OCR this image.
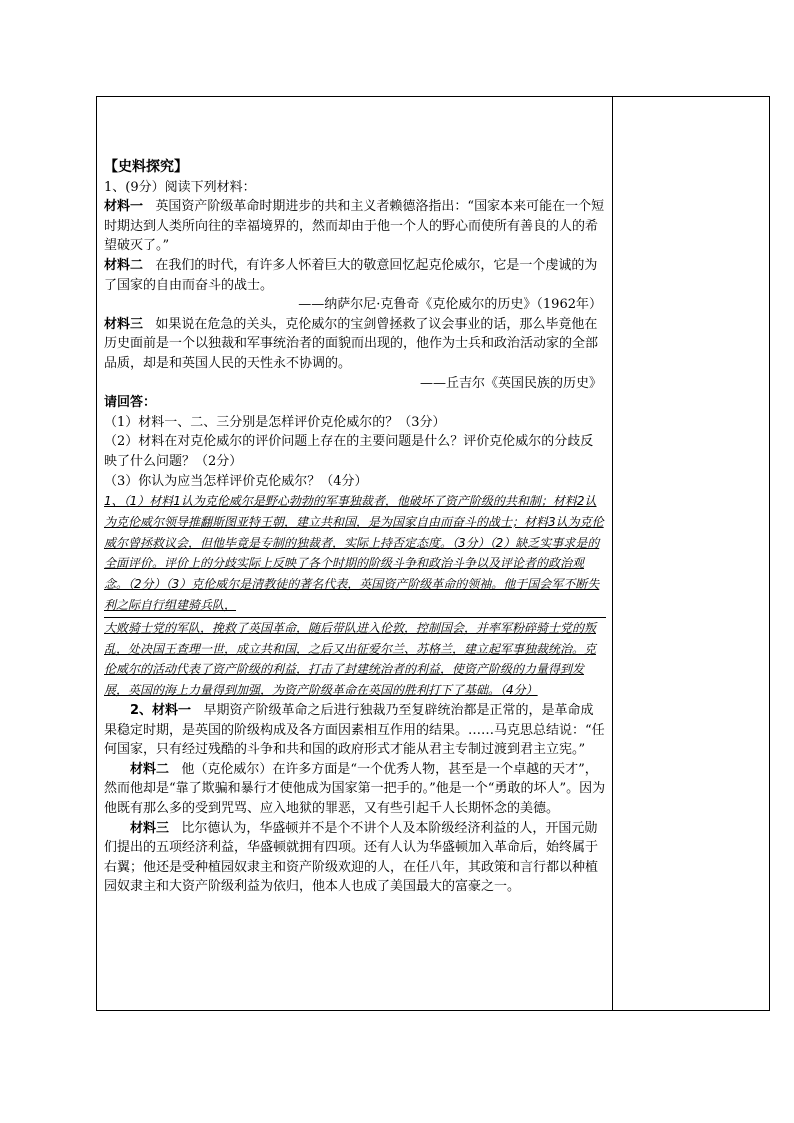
【史料探究】

1、(9分）阅读下列材料：

材料一 英国资产阶级革命时期进步的共和主义者赖德洛指出：“国家本来可能在一个短时期达到人类所向往的幸福境界的，然而却由于他一个人的野心而使所有善良的人的希望破灭了。”

材料二 在我们的时代，有许多人怀着巨大的敬意回忆起克伦威尔，它是一个虔诚的为了国家的自由而奋斗的战士。

——纳萨尔尼·克鲁奇《克伦威尔的历史》（1962年）

材料三 如果说在危急的关头，克伦威尔的宝剑曾拯救了议会事业的话，那么毕竟他在历史面前是一个以独裁和军事统治者的面貌而出现的，他作为士兵和政治活动家的全部品质，却是和英国人民的天性永不协调的。

——丘吉尔《英国民族的历史》

请回答：

（1）材料一、二、三分别是怎样评价克伦威尔的？（3分）

（2）材料在对克伦威尔的评价问题上存在的主要问题是什么？评价克伦威尔的分歧反映了什么问题？（2分）

（3）你认为应当怎样评价克伦威尔？（4分）

1、（1）材料1认为克伦威尔是野心勃勃的军事独裁者，他破坏了资产阶级的共和制；材料2认为克伦威尔领导推翻斯图亚特王朝，建立共和国，是为国家自由而奋斗的战士；材料3认为克伦威尔曾拯救议会，但他毕竟是专制的独裁者，实际上持否定态度。（3分）（2）缺乏实事求是的全面评价。评价上的分歧实际上反映了各个时期的阶级斗争和政治斗争以及评论者的政治观念。（2分）（3）克伦威尔是清教徒的著名代表，英国资产阶级革命的领袖。他于国会军不断失利之际自行组建骑兵队，

大败骑士党的军队，挽救了英国革命，随后带队进入伦敦，控制国会，并率军粉碎骑士党的叛乱，处决国王查理一世，成立共和国，之后又出征爱尔兰、苏格兰，建立起军事独裁统治。克伦威尔的活动代表了资产阶级的利益，打击了封建统治者的利益，使资产阶级的力量得到发展，英国的海上力量得到加强，为资产阶级革命在英国的胜利打下了基础。（4分）

2、材料一 早期资产阶级革命之后进行独裁乃至复辟统治都是正常的，是革命成果稳定时期，是英国的阶级构成及各方面因素相互作用的结果。……马克思总结说：“任何国家，只有经过残酷的斗争和共和国的政府形式才能从君主专制过渡到君主立宪。”

材料二 他（克伦威尔）在许多方面是“一个优秀人物，甚至是一个卓越的天才”，然而他却是“靠了欺骗和暴行才使他成为国家第一把手的。”他是一个“勇敢的坏人”。因为他既有那么多的受到咒骂、应入地狱的罪恶，又有些引起千人长期怀念的美德。

材料三 比尔德认为，华盛顿并不是个不讲个人及本阶级经济利益的人，开国元勋们提出的五项经济利益，华盛顿就拥有四项。还有人认为华盛顿加入革命后，始终属于右翼；他还是受种植园奴隶主和资产阶级欢迎的人，在任八年，其政策和言行都以种植园奴隶主和大资产阶级利益为依归，他本人也成了美国最大的富豪之一。
